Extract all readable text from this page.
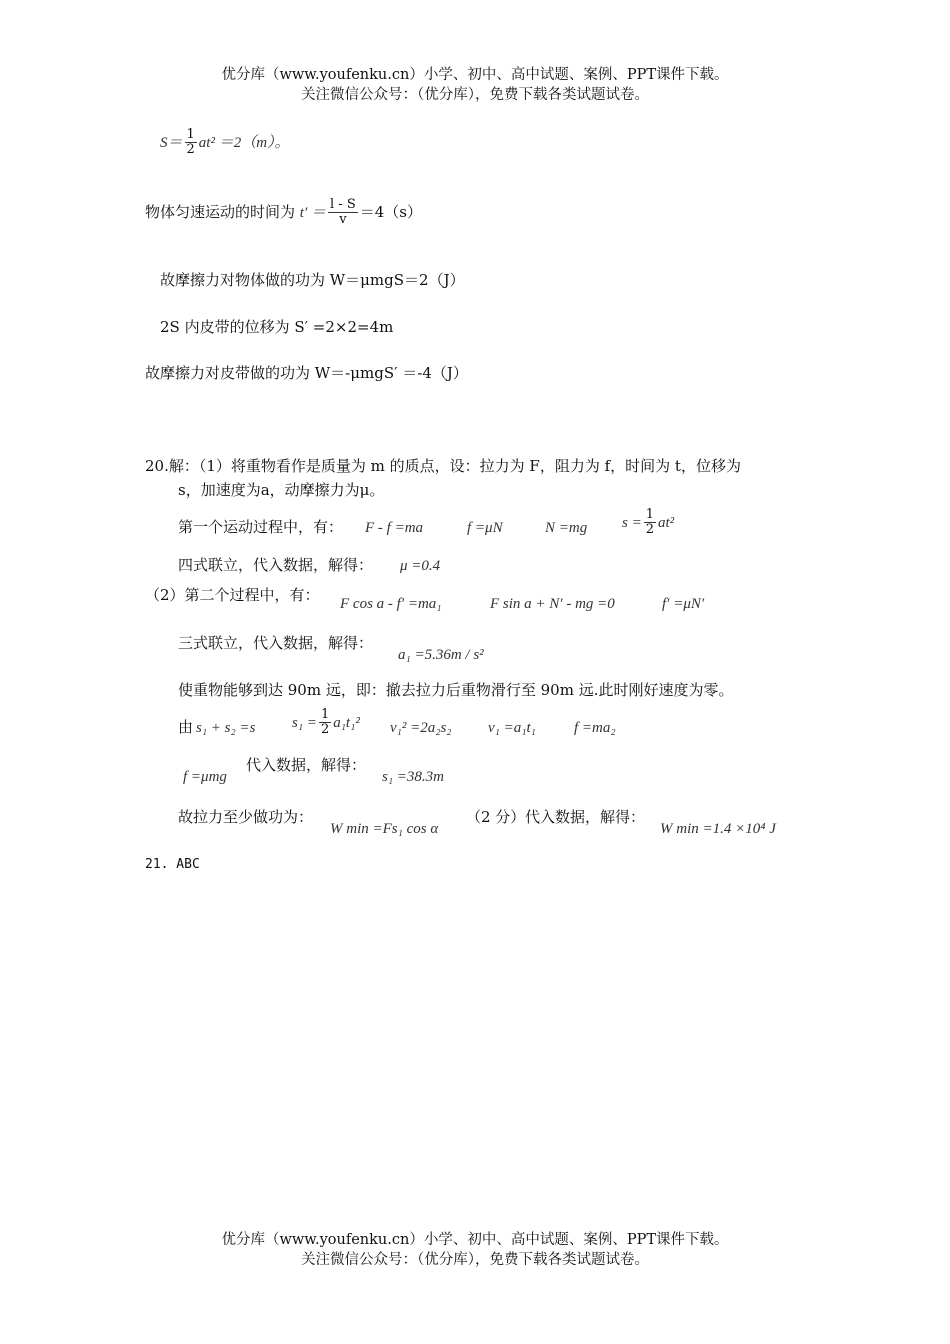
优分库（www.youfenku.cn）小学、初中、高中试题、案例、PPT课件下载。
关注微信公众号：（优分库），免费下载各类试题试卷。
$S= \frac{1}{2} at^2 =2(m)$。
物体匀速运动的时间为 $t' = \frac{l - S}{v} =4(s)$
故摩擦力对物体做的功为 W＝μmgS＝2（J）
2S 内皮带的位移为 S′ =2×2=4m
故摩擦力对皮带做的功为 W＝-μmgS′ ＝-4（J）
20.解：（1）将重物看作是质量为 m 的质点，设：拉力为 F，阻力为 f，时间为 t，位移为
s，加速度为a，动摩擦力为μ。
第一个运动过程中，有： F - f =ma	f =μN	N =mg $s = \frac{1}{2} at^2$
四式联立，代入数据，解得： μ =0.4
（2）第二个过程中，有： F cos a - f′ =ma₁	F sin a + N′ - mg =0	f′ =μN′
三式联立，代入数据，解得：
a₁ =5.36m / s²
使重物能够到达 90m 远，即：撤去拉力后重物滑行至 90m 远.此时刚好速度为零。
由 s₁ + s₂ =s $s_1 = \frac{1}{2} a_1t_1^2$ v₁² =2a₂s₂ v₁ =a₁t₁	f =ma₂
f =μmg
代入数据，解得：
s₁ =38.3m
故拉力至少做功为：
W min =Fs₁ cos α
（2 分） 代入数据，解得：
W min =1.4 ×10⁴ J
21. ABC
优分库（www.youfenku.cn）小学、初中、高中试题、案例、PPT课件下载。
关注微信公众号：（优分库），免费下载各类试题试卷。
